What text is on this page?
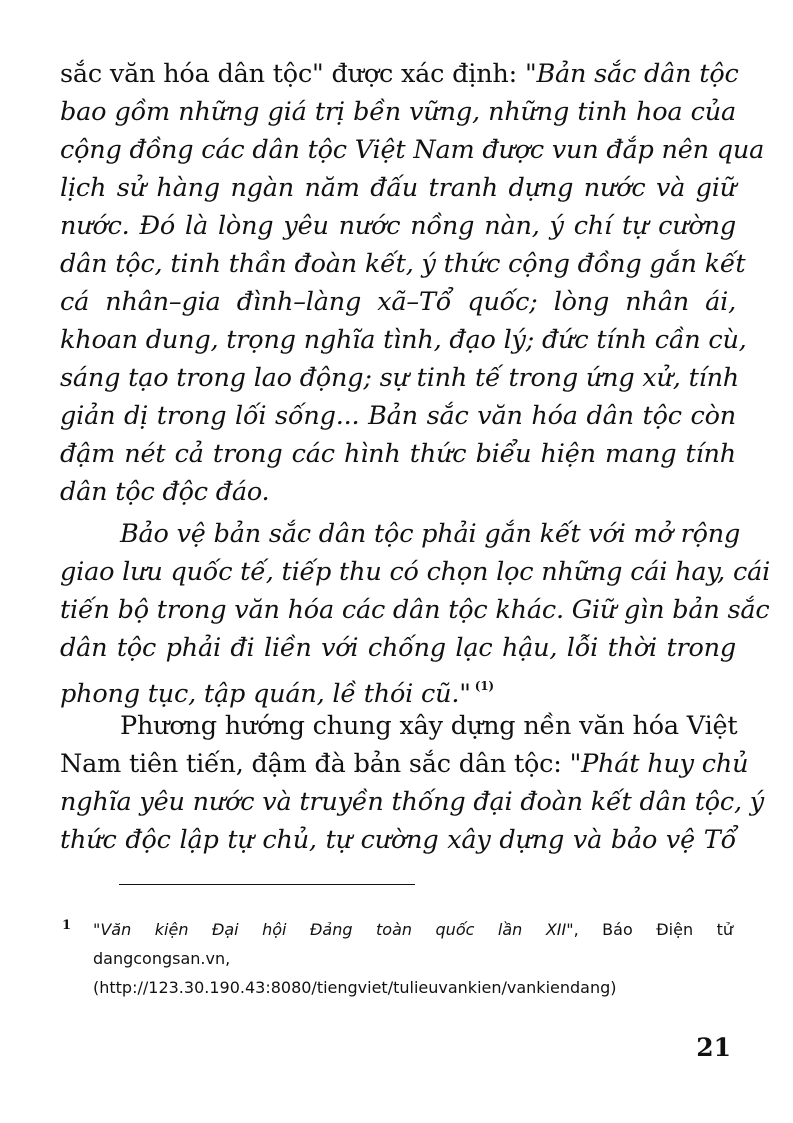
sắc văn hóa dân tộc" được xác định: "Bản sắc dân tộc
bao gồm những giá trị bền vững, những tinh hoa của
cộng đồng các dân tộc Việt Nam được vun đắp nên qua
lịch sử hàng ngàn năm đấu tranh dựng nước và giữ
nước. Đó là lòng yêu nước nồng nàn, ý chí tự cường
dân tộc, tinh thần đoàn kết, ý thức cộng đồng gắn kết
cá nhân–gia đình–làng xã–Tổ quốc; lòng nhân ái,
khoan dung, trọng nghĩa tình, đạo lý; đức tính cần cù,
sáng tạo trong lao động; sự tinh tế trong ứng xử, tính
giản dị trong lối sống... Bản sắc văn hóa dân tộc còn
đậm nét cả trong các hình thức biểu hiện mang tính
dân tộc độc đáo.
Bảo vệ bản sắc dân tộc phải gắn kết với mở rộng
giao lưu quốc tế, tiếp thu có chọn lọc những cái hay, cái
tiến bộ trong văn hóa các dân tộc khác. Giữ gìn bản sắc
dân tộc phải đi liền với chống lạc hậu, lỗi thời trong
phong tục, tập quán, lề thói cũ." $^{(1)}$
Phương hướng chung xây dựng nền văn hóa Việt
Nam tiên tiến, đậm đà bản sắc dân tộc: "Phát huy chủ
nghĩa yêu nước và truyền thống đại đoàn kết dân tộc, ý
thức độc lập tự chủ, tự cường xây dựng và bảo vệ Tổ
1 "Văn kiện Đại hội Đảng toàn quốc lần XII", Báo Điện tử
dangcongsan.vn,
(http://123.30.190.43:8080/tiengviet/tulieuvankien/vankiendang)
21
